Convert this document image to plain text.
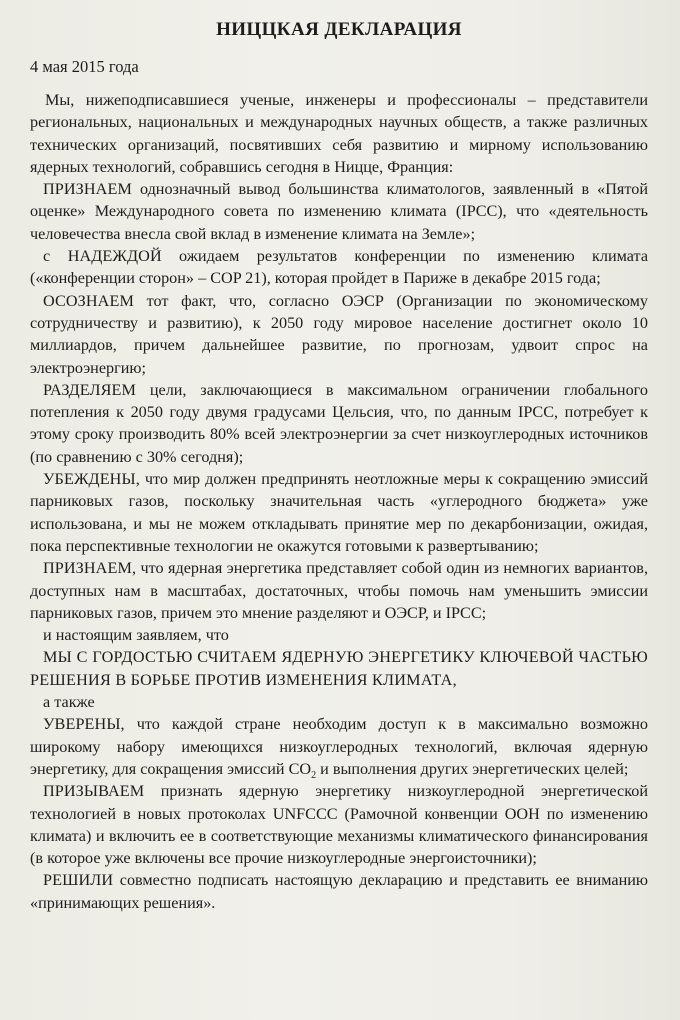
НИЦЦКАЯ ДЕКЛАРАЦИЯ
4 мая 2015 года

Мы, нижеподписавшиеся ученые, инженеры и профессионалы – представители региональных, национальных и международных научных обществ, а также различных технических организаций, посвятивших себя развитию и мирному использованию ядерных технологий, собравшись сегодня в Ницце, Франция:

ПРИЗНАЕМ однозначный вывод большинства климатологов, заявленный в «Пятой оценке» Международного совета по изменению климата (IPCC), что «деятельность человечества внесла свой вклад в изменение климата на Земле»;

с НАДЕЖДОЙ ожидаем результатов конференции по изменению климата («конференции сторон» – COP 21), которая пройдет в Париже в декабре 2015 года;

ОСОЗНАЕМ тот факт, что, согласно ОЭСР (Организации по экономическому сотрудничеству и развитию), к 2050 году мировое население достигнет около 10 миллиардов, причем дальнейшее развитие, по прогнозам, удвоит спрос на электроэнергию;

РАЗДЕЛЯЕМ цели, заключающиеся в максимальном ограничении глобального потепления к 2050 году двумя градусами Цельсия, что, по данным IPCC, потребует к этому сроку производить 80% всей электроэнергии за счет низкоуглеродных источников (по сравнению с 30% сегодня);

УБЕЖДЕНЫ, что мир должен предпринять неотложные меры к сокращению эмиссий парниковых газов, поскольку значительная часть «углеродного бюджета» уже использована, и мы не можем откладывать принятие мер по декарбонизации, ожидая, пока перспективные технологии не окажутся готовыми к развертыванию;

ПРИЗНАЕМ, что ядерная энергетика представляет собой один из немногих вариантов, доступных нам в масштабах, достаточных, чтобы помочь нам уменьшить эмиссии парниковых газов, причем это мнение разделяют и ОЭСР, и IPCC;

и настоящим заявляем, что

МЫ С ГОРДОСТЬЮ СЧИТАЕМ ЯДЕРНУЮ ЭНЕРГЕТИКУ КЛЮЧЕВОЙ ЧАСТЬЮ РЕШЕНИЯ В БОРЬБЕ ПРОТИВ ИЗМЕНЕНИЯ КЛИМАТА,

а также

УВЕРЕНЫ, что каждой стране необходим доступ к в максимально возможно широкому набору имеющихся низкоуглеродных технологий, включая ядерную энергетику, для сокращения эмиссий $CO_2$ и выполнения других энергетических целей;

ПРИЗЫВАЕМ признать ядерную энергетику низкоуглеродной энергетической технологией в новых протоколах UNFCCC (Рамочной конвенции ООН по изменению климата) и включить ее в соответствующие механизмы климатического финансирования (в которое уже включены все прочие низкоуглеродные энергоисточники);

РЕШИЛИ совместно подписать настоящую декларацию и представить ее вниманию «принимающих решения».
